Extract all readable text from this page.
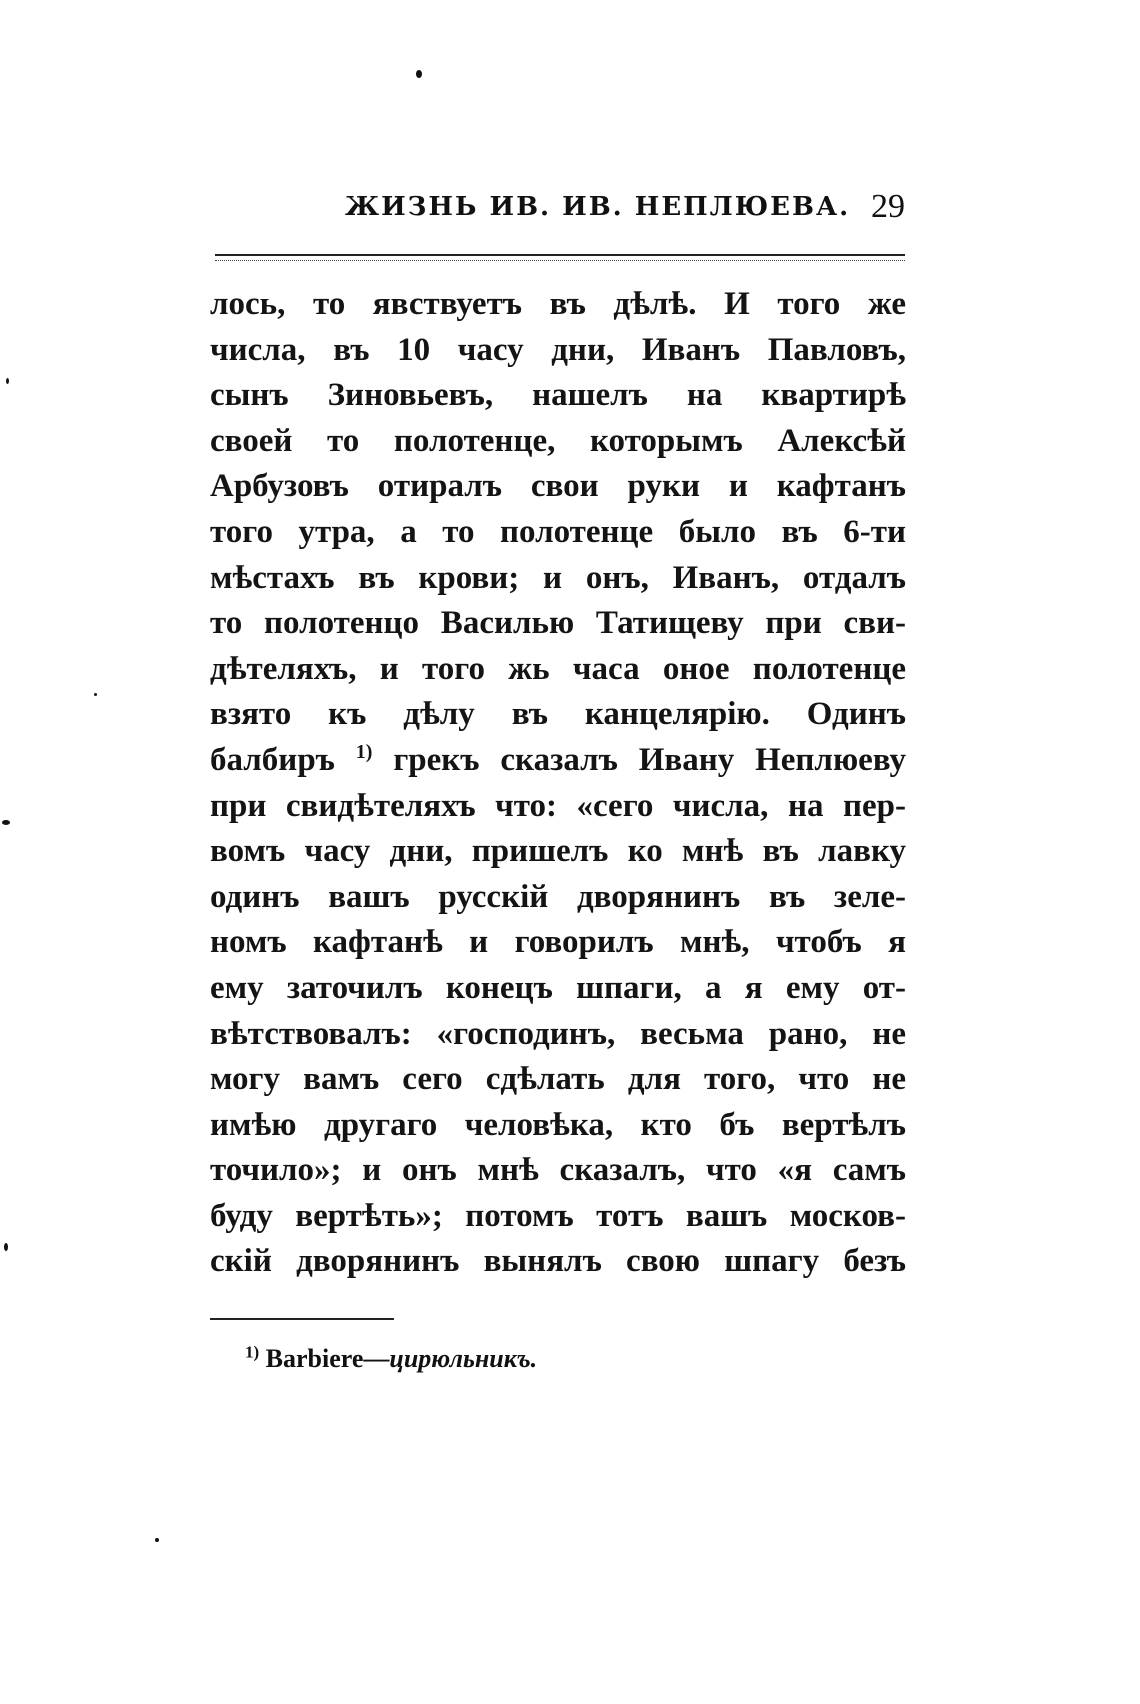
ЖИЗНЬ ИВ. ИВ. НЕПЛЮЕВА. 29
лось, то явствуетъ въ дѣлѣ. И того же
числа, въ 10 часу дни, Иванъ Павловъ,
сынъ Зиновьевъ, нашелъ на квартирѣ
своей то полотенце, которымъ Алексѣй
Арбузовъ отиралъ свои руки и кафтанъ
того утра, а то полотенце было въ 6-ти
мѣстахъ въ крови; и онъ, Иванъ, отдалъ
то полотенцо Василью Татищеву при сви-
дѣтеляхъ, и того жь часа оное полотенце
взято къ дѣлу въ канцелярію. Одинъ
балбиръ $^{1)}$ грекъ сказалъ Ивану Неплюеву
при свидѣтеляхъ что: «сего числа, на пер-
вомъ часу дни, пришелъ ко мнѣ въ лавку
одинъ вашъ русскій дворянинъ въ зеле-
номъ кафтанѣ и говорилъ мнѣ, чтобъ я
ему заточилъ конецъ шпаги, а я ему от-
вѣтствовалъ: «господинъ, весьма рано, не
могу вамъ сего сдѣлать для того, что не
имѣю другаго человѣка, кто бъ вертѣлъ
точило»; и онъ мнѣ сказалъ, что «я самъ
буду вертѣть»; потомъ тотъ вашъ москов-
скій дворянинъ вынялъ свою шпагу безъ
$^{1)}$ Barbiere—цирюльникъ.
